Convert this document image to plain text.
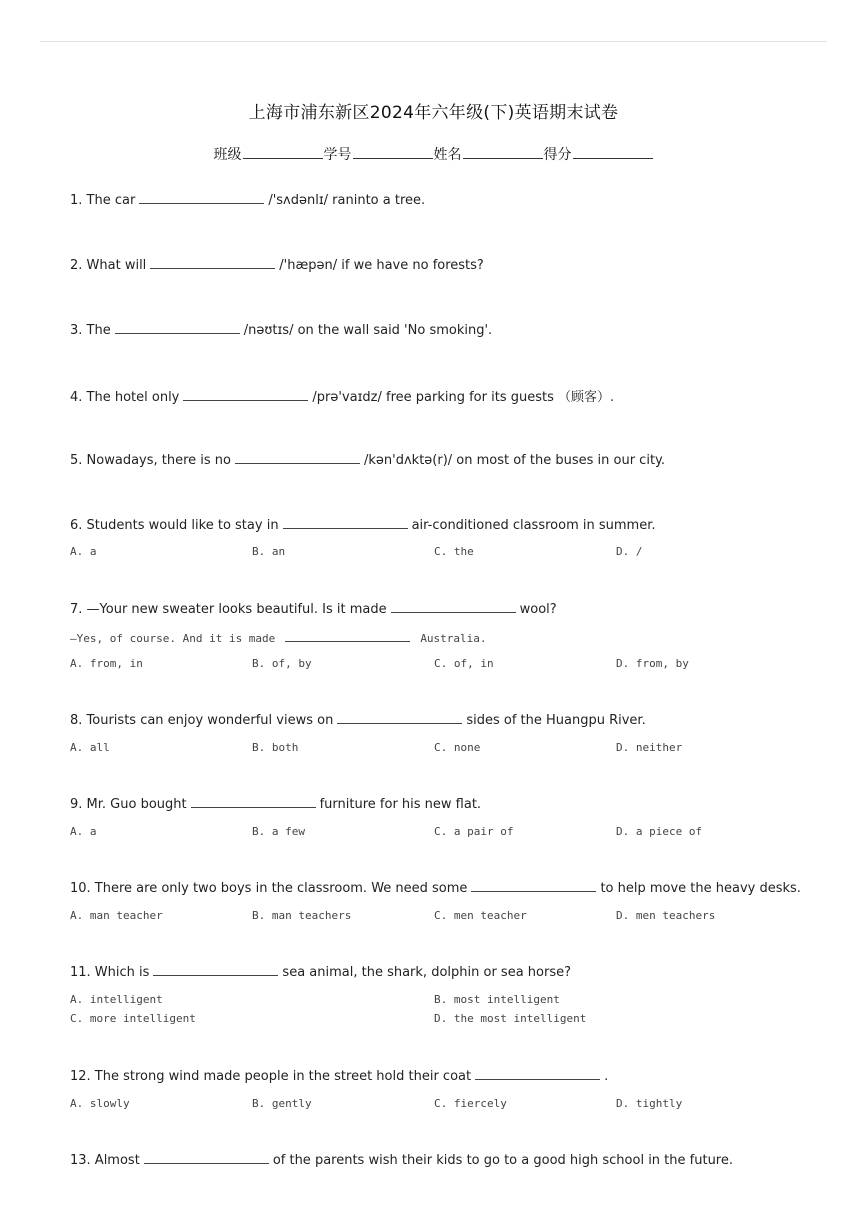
上海市浦东新区2024年六年级(下)英语期末试卷
班级	学号	姓名	得分
1. The car	/'sʌdənlɪ/ raninto a tree.
2. What will	/'hæpən/ if we have no forests?
3. The	/nəʊtɪs/ on the wall said 'No smoking'.
4. The hotel only	/prə'vaɪdz/ free parking for its guests （顾客）.
5. Nowadays, there is no	/kən'dʌktə(r)/ on most of the buses in our city.
6. Students would like to stay in	air-conditioned classroom in summer.
A. a	B. an	C. the	D. /
7. —Your new sweater looks beautiful. Is it made	wool?
—Yes, of course. And it is made	Australia.
A. from, in	B. of, by	C. of, in	D. from, by
8. Tourists can enjoy wonderful views on	sides of the Huangpu River.
A. all	B. both	C. none	D. neither
9. Mr. Guo bought	furniture for his new flat.
A. a	B. a few	C. a pair of	D. a piece of
10. There are only two boys in the classroom. We need some	to help move the heavy desks.
A. man teacher	B. man teachers	C. men teacher	D. men teachers
11. Which is	sea animal, the shark, dolphin or sea horse?
A. intelligent	B. most intelligent
C. more intelligent	D. the most intelligent
12. The strong wind made people in the street hold their coat	.
A. slowly	B. gently	C. fiercely	D. tightly
13. Almost	of the parents wish their kids to go to a good high school in the future.
